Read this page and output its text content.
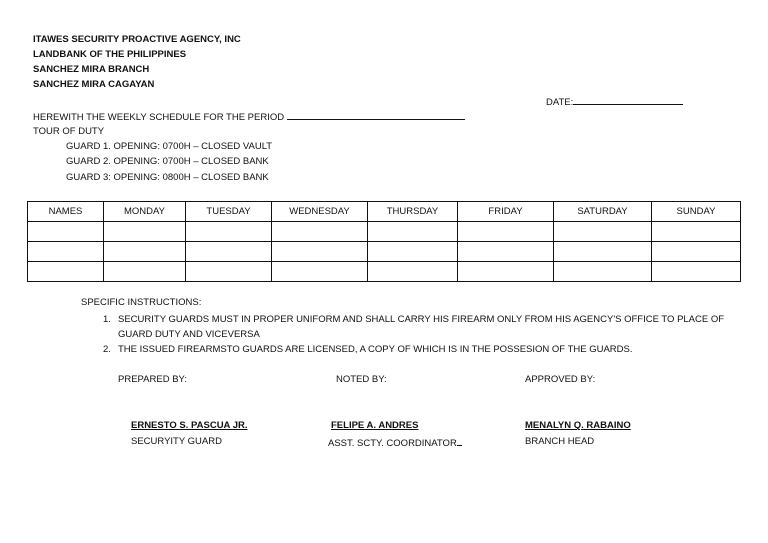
ITAWES SECURITY PROACTIVE AGENCY, INC
LANDBANK OF THE PHILIPPINES
SANCHEZ MIRA BRANCH
SANCHEZ MIRA CAGAYAN
DATE:
HEREWITH THE WEEKLY SCHEDULE FOR THE PERIOD
TOUR OF DUTY
GUARD 1. OPENING: 0700H – CLOSED VAULT
GUARD 2. OPENING: 0700H – CLOSED BANK
GUARD 3: OPENING: 0800H – CLOSED BANK
NAMES	MONDAY	TUESDAY	WEDNESDAY	THURSDAY	FRIDAY	SATURDAY	SUNDAY

SPECIFIC INSTRUCTIONS:
1. SECURITY GUARDS MUST IN PROPER UNIFORM AND SHALL CARRY HIS FIREARM ONLY FROM HIS AGENCY'S OFFICE TO PLACE OF
GUARD DUTY AND VICEVERSA
2. THE ISSUED FIREARMSTO GUARDS ARE LICENSED, A COPY OF WHICH IS IN THE POSSESION OF THE GUARDS.
PREPARED BY:	NOTED BY:	APPROVED BY:
ERNESTO S. PASCUA JR.
SECURYITY GUARD
FELIPE A. ANDRES
ASST. SCTY. COORDINATOR
MENALYN Q. RABAINO
BRANCH HEAD
